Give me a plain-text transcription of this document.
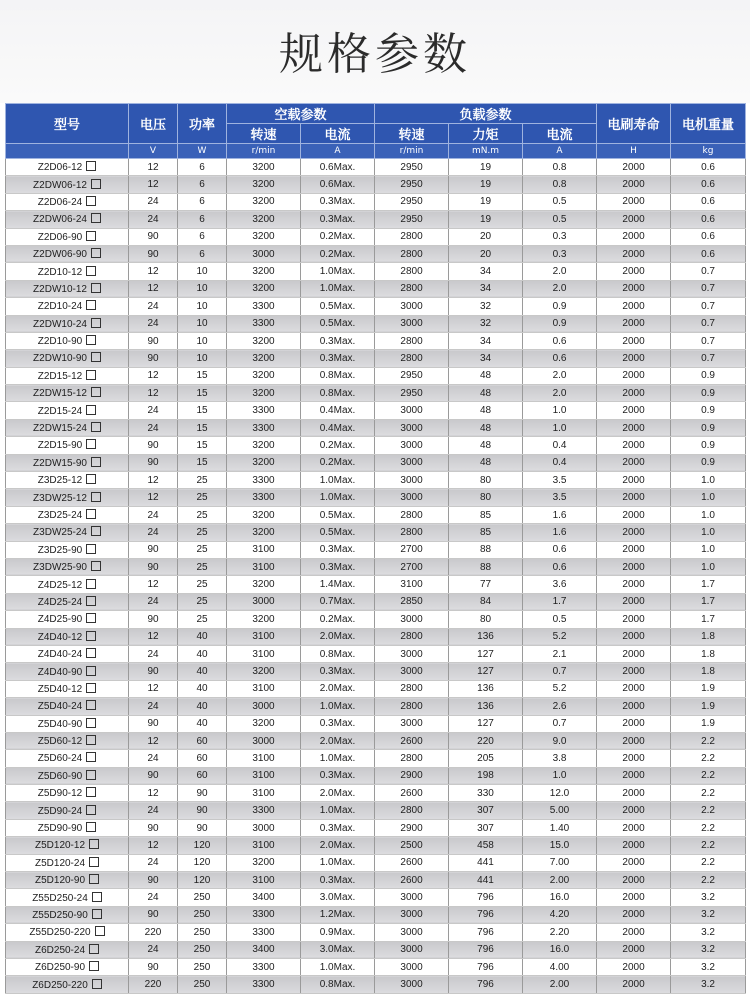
规格参数
型号	电压	功率	空载参数		负载参数			电刷寿命	电机重量
			转速	电流	转速	力矩	电流		
	V	W	r/min	A	r/min	mN.m	A	H	kg
Z2D06-12	12	6	3200	0.6Max.	2950	19	0.8	2000	0.6
Z2DW06-12	12	6	3200	0.6Max.	2950	19	0.8	2000	0.6
Z2D06-24	24	6	3200	0.3Max.	2950	19	0.5	2000	0.6
Z2DW06-24	24	6	3200	0.3Max.	2950	19	0.5	2000	0.6
Z2D06-90	90	6	3200	0.2Max.	2800	20	0.3	2000	0.6
Z2DW06-90	90	6	3000	0.2Max.	2800	20	0.3	2000	0.6
Z2D10-12	12	10	3200	1.0Max.	2800	34	2.0	2000	0.7
Z2DW10-12	12	10	3200	1.0Max.	2800	34	2.0	2000	0.7
Z2D10-24	24	10	3300	0.5Max.	3000	32	0.9	2000	0.7
Z2DW10-24	24	10	3300	0.5Max.	3000	32	0.9	2000	0.7
Z2D10-90	90	10	3200	0.3Max.	2800	34	0.6	2000	0.7
Z2DW10-90	90	10	3200	0.3Max.	2800	34	0.6	2000	0.7
Z2D15-12	12	15	3200	0.8Max.	2950	48	2.0	2000	0.9
Z2DW15-12	12	15	3200	0.8Max.	2950	48	2.0	2000	0.9
Z2D15-24	24	15	3300	0.4Max.	3000	48	1.0	2000	0.9
Z2DW15-24	24	15	3300	0.4Max.	3000	48	1.0	2000	0.9
Z2D15-90	90	15	3200	0.2Max.	3000	48	0.4	2000	0.9
Z2DW15-90	90	15	3200	0.2Max.	3000	48	0.4	2000	0.9
Z3D25-12	12	25	3300	1.0Max.	3000	80	3.5	2000	1.0
Z3DW25-12	12	25	3300	1.0Max.	3000	80	3.5	2000	1.0
Z3D25-24	24	25	3200	0.5Max.	2800	85	1.6	2000	1.0
Z3DW25-24	24	25	3200	0.5Max.	2800	85	1.6	2000	1.0
Z3D25-90	90	25	3100	0.3Max.	2700	88	0.6	2000	1.0
Z3DW25-90	90	25	3100	0.3Max.	2700	88	0.6	2000	1.0
Z4D25-12	12	25	3200	1.4Max.	3100	77	3.6	2000	1.7
Z4D25-24	24	25	3000	0.7Max.	2850	84	1.7	2000	1.7
Z4D25-90	90	25	3200	0.2Max.	3000	80	0.5	2000	1.7
Z4D40-12	12	40	3100	2.0Max.	2800	136	5.2	2000	1.8
Z4D40-24	24	40	3100	0.8Max.	3000	127	2.1	2000	1.8
Z4D40-90	90	40	3200	0.3Max.	3000	127	0.7	2000	1.8
Z5D40-12	12	40	3100	2.0Max.	2800	136	5.2	2000	1.9
Z5D40-24	24	40	3000	1.0Max.	2800	136	2.6	2000	1.9
Z5D40-90	90	40	3200	0.3Max.	3000	127	0.7	2000	1.9
Z5D60-12	12	60	3000	2.0Max.	2600	220	9.0	2000	2.2
Z5D60-24	24	60	3100	1.0Max.	2800	205	3.8	2000	2.2
Z5D60-90	90	60	3100	0.3Max.	2900	198	1.0	2000	2.2
Z5D90-12	12	90	3100	2.0Max.	2600	330	12.0	2000	2.2
Z5D90-24	24	90	3300	1.0Max.	2800	307	5.00	2000	2.2
Z5D90-90	90	90	3000	0.3Max.	2900	307	1.40	2000	2.2
Z5D120-12	12	120	3100	2.0Max.	2500	458	15.0	2000	2.2
Z5D120-24	24	120	3200	1.0Max.	2600	441	7.00	2000	2.2
Z5D120-90	90	120	3100	0.3Max.	2600	441	2.00	2000	2.2
Z55D250-24	24	250	3400	3.0Max.	3000	796	16.0	2000	3.2
Z55D250-90	90	250	3300	1.2Max.	3000	796	4.20	2000	3.2
Z55D250-220	220	250	3300	0.9Max.	3000	796	2.20	2000	3.2
Z6D250-24	24	250	3400	3.0Max.	3000	796	16.0	2000	3.2
Z6D250-90	90	250	3300	1.0Max.	3000	796	4.00	2000	3.2
Z6D250-220	220	250	3300	0.8Max.	3000	796	2.00	2000	3.2
